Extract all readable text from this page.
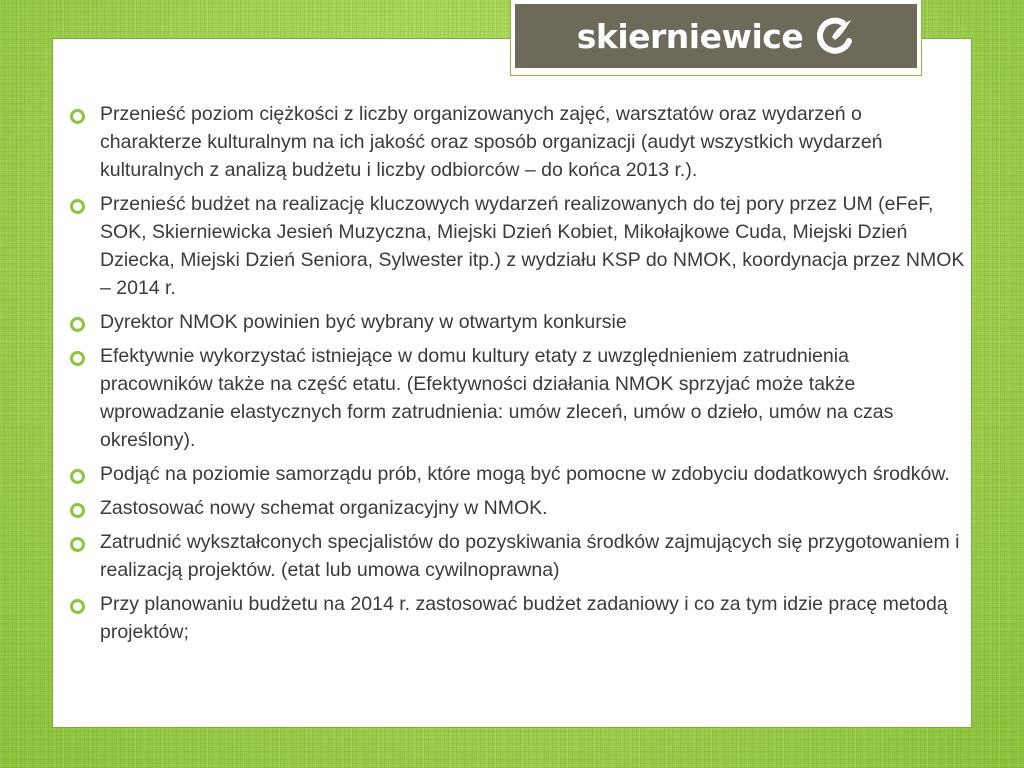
skierniewice
Przenieść poziom ciężkości z liczby organizowanych zajęć, warsztatów oraz wydarzeń o charakterze kulturalnym na ich jakość oraz sposób organizacji (audyt wszystkich wydarzeń kulturalnych z analizą budżetu i liczby odbiorców – do końca 2013 r.).
Przenieść budżet na realizację kluczowych wydarzeń realizowanych do tej pory przez UM (eFeF, SOK, Skierniewicka Jesień Muzyczna, Miejski Dzień Kobiet, Mikołajkowe Cuda, Miejski Dzień Dziecka, Miejski Dzień Seniora, Sylwester itp.) z wydziału KSP do NMOK, koordynacja przez NMOK – 2014 r.
Dyrektor NMOK powinien być wybrany w otwartym konkursie
Efektywnie wykorzystać istniejące w domu kultury etaty z uwzględnieniem zatrudnienia pracowników także na część etatu. (Efektywności działania NMOK sprzyjać może także wprowadzanie elastycznych form zatrudnienia: umów zleceń, umów o dzieło, umów na czas określony).
Podjąć na poziomie samorządu prób, które mogą być pomocne w zdobyciu dodatkowych środków.
Zastosować nowy schemat organizacyjny w NMOK.
Zatrudnić wykształconych specjalistów do pozyskiwania środków zajmujących się przygotowaniem i realizacją projektów. (etat lub umowa cywilnoprawna)
Przy planowaniu budżetu na 2014 r. zastosować budżet zadaniowy i co za tym idzie pracę metodą projektów;
